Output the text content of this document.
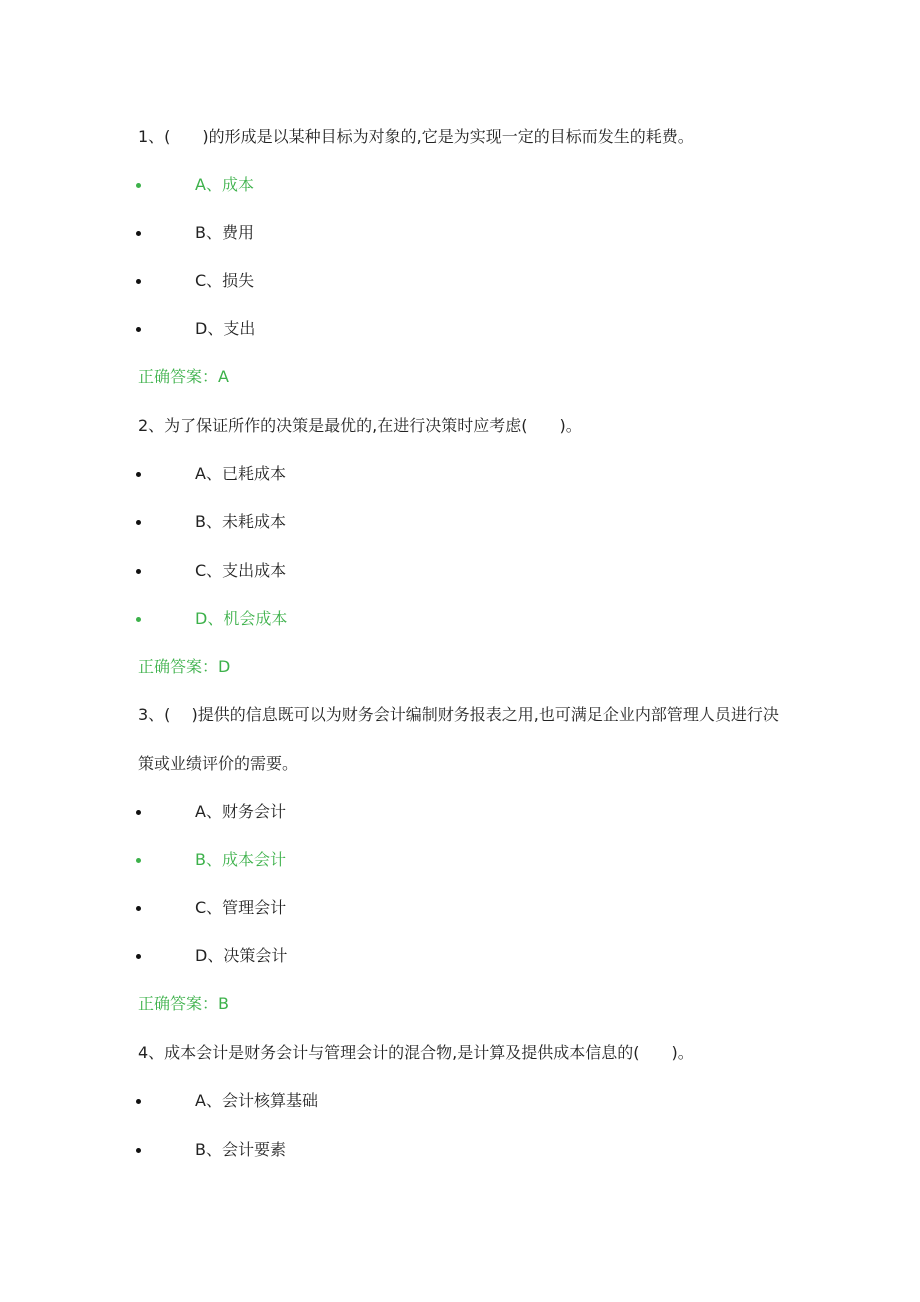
1、(　　)的形成是以某种目标为对象的,它是为实现一定的目标而发生的耗费。
A、成本
B、费用
C、损失
D、支出
正确答案：A
2、为了保证所作的决策是最优的,在进行决策时应考虑(　　)。
A、已耗成本
B、未耗成本
C、支出成本
D、机会成本
正确答案：D
3、(　 )提供的信息既可以为财务会计编制财务报表之用,也可满足企业内部管理人员进行决
策或业绩评价的需要。
A、财务会计
B、成本会计
C、管理会计
D、决策会计
正确答案：B
4、成本会计是财务会计与管理会计的混合物,是计算及提供成本信息的(　　)。
A、会计核算基础
B、会计要素
